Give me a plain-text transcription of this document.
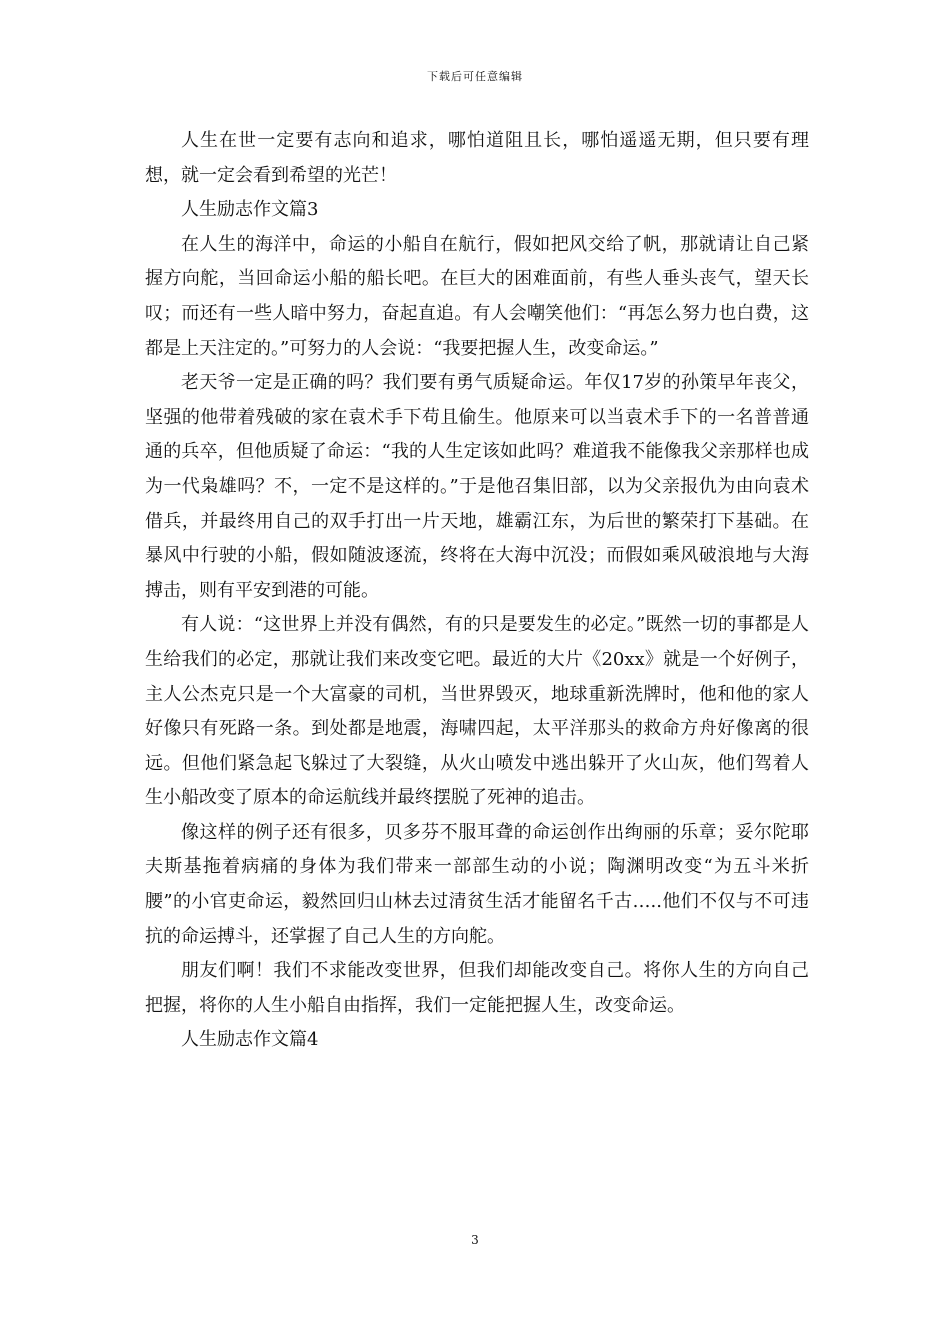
下载后可任意编辑

人生在世一定要有志向和追求，哪怕道阻且长，哪怕遥遥无期，但只要有理想，就一定会看到希望的光芒！

人生励志作文篇3

在人生的海洋中，命运的小船自在航行，假如把风交给了帆，那就请让自己紧握方向舵，当回命运小船的船长吧。在巨大的困难面前，有些人垂头丧气，望天长叹；而还有一些人暗中努力，奋起直追。有人会嘲笑他们：“再怎么努力也白费，这都是上天注定的。”可努力的人会说：“我要把握人生，改变命运。”

老天爷一定是正确的吗？我们要有勇气质疑命运。年仅17岁的孙策早年丧父，坚强的他带着残破的家在袁术手下苟且偷生。他原来可以当袁术手下的一名普普通通的兵卒，但他质疑了命运：“我的人生定该如此吗？难道我不能像我父亲那样也成为一代枭雄吗？不，一定不是这样的。”于是他召集旧部，以为父亲报仇为由向袁术借兵，并最终用自己的双手打出一片天地，雄霸江东，为后世的繁荣打下基础。在暴风中行驶的小船，假如随波逐流，终将在大海中沉没；而假如乘风破浪地与大海搏击，则有平安到港的可能。

有人说：“这世界上并没有偶然，有的只是要发生的必定。”既然一切的事都是人生给我们的必定，那就让我们来改变它吧。最近的大片《20xx》就是一个好例子，主人公杰克只是一个大富豪的司机，当世界毁灭，地球重新洗牌时，他和他的家人好像只有死路一条。到处都是地震，海啸四起，太平洋那头的救命方舟好像离的很远。但他们紧急起飞躲过了大裂缝，从火山喷发中逃出躲开了火山灰，他们驾着人生小船改变了原本的命运航线并最终摆脱了死神的追击。

像这样的例子还有很多，贝多芬不服耳聋的命运创作出绚丽的乐章；妥尔陀耶夫斯基拖着病痛的身体为我们带来一部部生动的小说；陶渊明改变“为五斗米折腰”的小官吏命运，毅然回归山林去过清贫生活才能留名千古…..他们不仅与不可违抗的命运搏斗，还掌握了自己人生的方向舵。

朋友们啊！我们不求能改变世界，但我们却能改变自己。将你人生的方向自己把握，将你的人生小船自由指挥，我们一定能把握人生，改变命运。

人生励志作文篇4

3
